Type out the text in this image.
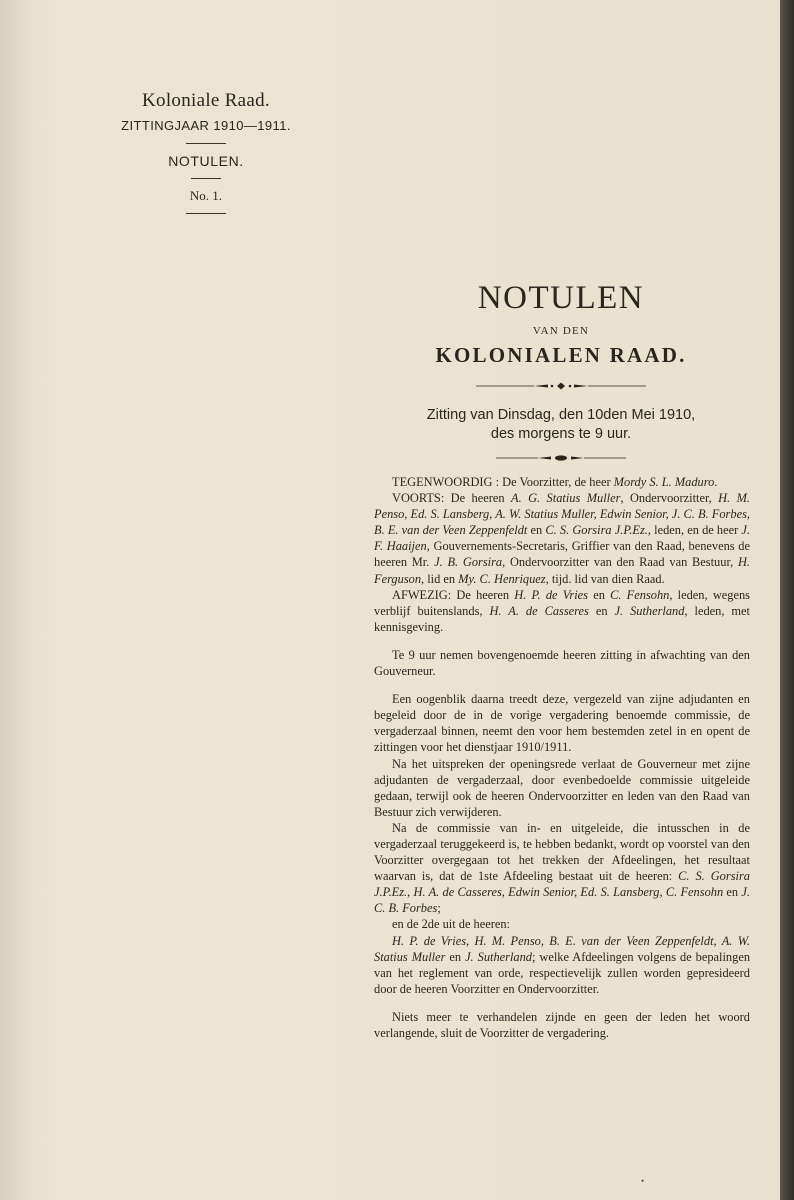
Koloniale Raad.
ZITTINGJAAR 1910—1911.
NOTULEN.
No. 1.
NOTULEN
VAN DEN
KOLONIALEN RAAD.
Zitting van Dinsdag, den 10den Mei 1910,
des morgens te 9 uur.

TEGENWOORDIG : De Voorzitter, de heer Mordy S. L. Maduro.

VOORTS: De heeren A. G. Statius Muller, Ondervoorzitter, H. M. Penso, Ed. S. Lansberg, A. W. Statius Muller, Edwin Senior, J. C. B. Forbes, B. E. van der Veen Zeppenfeldt en C. S. Gorsira J.P.Ez., leden, en de heer J. F. Haaijen, Gouvernements-Secretaris, Griffier van den Raad, benevens de heeren Mr. J. B. Gorsira, Ondervoorzitter van den Raad van Bestuur, H. Ferguson, lid en My. C. Henriquez, tijd. lid van dien Raad.

AFWEZIG: De heeren H. P. de Vries en C. Fensohn, leden, wegens verblijf buitenslands, H. A. de Casseres en J. Sutherland, leden, met kennisgeving.

Te 9 uur nemen bovengenoemde heeren zitting in afwachting van den Gouverneur.

Een oogenblik daarna treedt deze, vergezeld van zijne adjudanten en begeleid door de in de vorige vergadering benoemde commissie, de vergaderzaal binnen, neemt den voor hem bestemden zetel in en opent de zittingen voor het dienstjaar 1910/1911.

Na het uitspreken der openingsrede verlaat de Gouverneur met zijne adjudanten de vergaderzaal, door evenbedoelde commissie uitgeleide gedaan, terwijl ook de heeren Ondervoorzitter en leden van den Raad van Bestuur zich verwijderen.

Na de commissie van in- en uitgeleide, die intusschen in de vergaderzaal teruggekeerd is, te hebben bedankt, wordt op voorstel van den Voorzitter overgegaan tot het trekken der Afdeelingen, het resultaat waarvan is, dat de 1ste Afdeeling bestaat uit de heeren: C. S. Gorsira J.P.Ez., H. A. de Casseres, Edwin Senior, Ed. S. Lansberg, C. Fensohn en J. C. B. Forbes;

en de 2de uit de heeren:

H. P. de Vries, H. M. Penso, B. E. van der Veen Zeppenfeldt, A. W. Statius Muller en J. Sutherland; welke Afdeelingen volgens de bepalingen van het reglement van orde, respectievelijk zullen worden gepresideerd door de heeren Voorzitter en Ondervoorzitter.

Niets meer te verhandelen zijnde en geen der leden het woord verlangende, sluit de Voorzitter de vergadering.

•
